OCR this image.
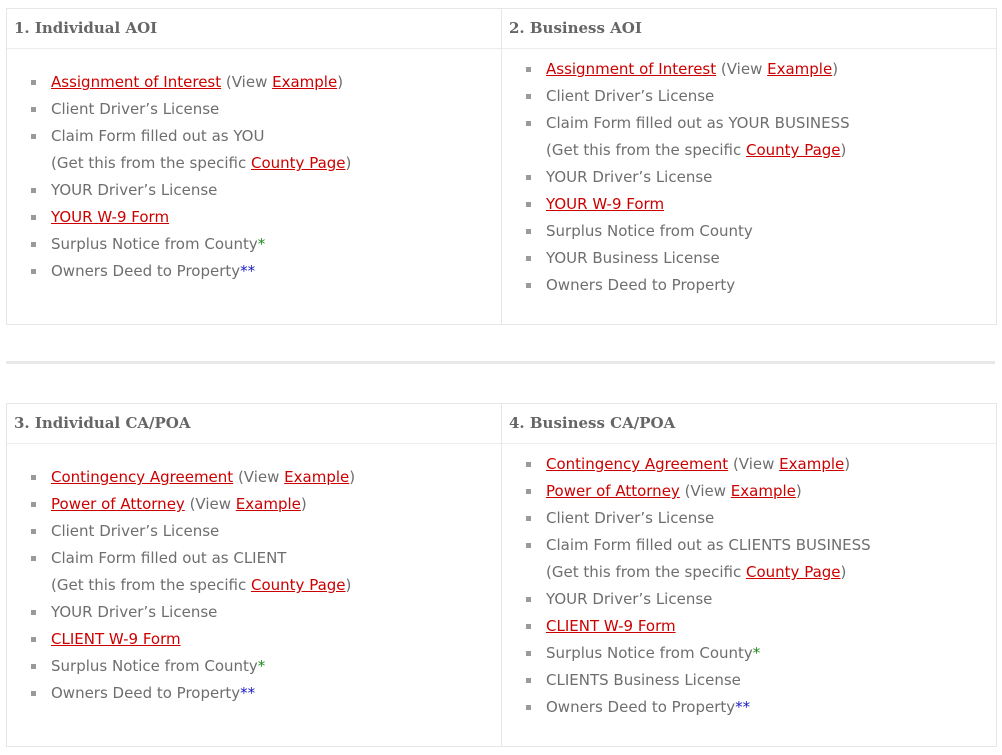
1. Individual AOI
Assignment of Interest (View Example)
Client Driver’s License
Claim Form filled out as YOU
(Get this from the specific County Page)
YOUR Driver’s License
YOUR W-9 Form
Surplus Notice from County*
Owners Deed to Property**
2. Business AOI
Assignment of Interest (View Example)
Client Driver’s License
Claim Form filled out as YOUR BUSINESS
(Get this from the specific County Page)
YOUR Driver’s License
YOUR W-9 Form
Surplus Notice from County
YOUR Business License
Owners Deed to Property
3. Individual CA/POA
Contingency Agreement (View Example)
Power of Attorney (View Example)
Client Driver’s License
Claim Form filled out as CLIENT
(Get this from the specific County Page)
YOUR Driver’s License
CLIENT W-9 Form
Surplus Notice from County*
Owners Deed to Property**
4. Business CA/POA
Contingency Agreement (View Example)
Power of Attorney (View Example)
Client Driver’s License
Claim Form filled out as CLIENTS BUSINESS
(Get this from the specific County Page)
YOUR Driver’s License
CLIENT W-9 Form
Surplus Notice from County*
CLIENTS Business License
Owners Deed to Property**
